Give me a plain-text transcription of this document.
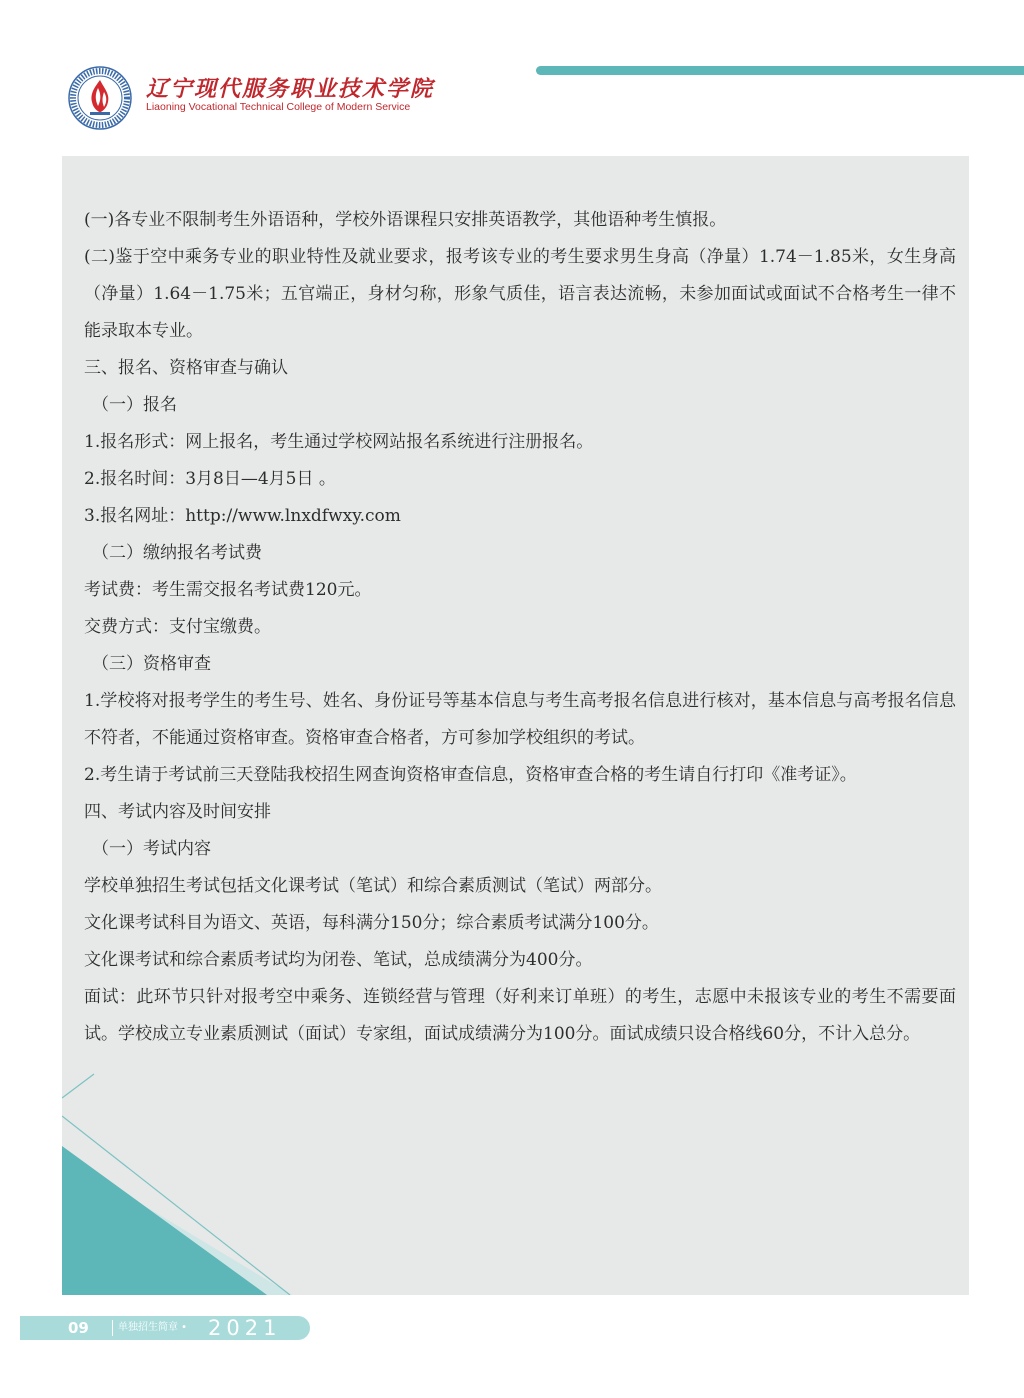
辽宁现代服务职业技术学院
Liaoning Vocational Technical College of Modern Service

(一)各专业不限制考生外语语种，学校外语课程只安排英语教学，其他语种考生慎报。

(二)鉴于空中乘务专业的职业特性及就业要求，报考该专业的考生要求男生身高（净量）1.74－1.85米，女生身高（净量）1.64－1.75米；五官端正，身材匀称，形象气质佳，语言表达流畅，未参加面试或面试不合格考生一律不能录取本专业。

三、报名、资格审查与确认

（一）报名

1.报名形式：网上报名，考生通过学校网站报名系统进行注册报名。

2.报名时间：3月8日—4月5日 。

3.报名网址：http://www.lnxdfwxy.com

（二）缴纳报名考试费

考试费：考生需交报名考试费120元。

交费方式：支付宝缴费。

（三）资格审查

1.学校将对报考学生的考生号、姓名、身份证号等基本信息与考生高考报名信息进行核对，基本信息与高考报名信息不符者，不能通过资格审查。资格审查合格者，方可参加学校组织的考试。

2.考生请于考试前三天登陆我校招生网查询资格审查信息，资格审查合格的考生请自行打印《准考证》。

四、考试内容及时间安排

（一）考试内容

学校单独招生考试包括文化课考试（笔试）和综合素质测试（笔试）两部分。

文化课考试科目为语文、英语，每科满分150分；综合素质考试满分100分。

文化课考试和综合素质考试均为闭卷、笔试，总成绩满分为400分。

面试：此环节只针对报考空中乘务、连锁经营与管理（好利来订单班）的考生，志愿中未报该专业的考生不需要面试。学校成立专业素质测试（面试）专家组，面试成绩满分为100分。面试成绩只设合格线60分，不计入总分。

09	单独招生简章 • 2021
